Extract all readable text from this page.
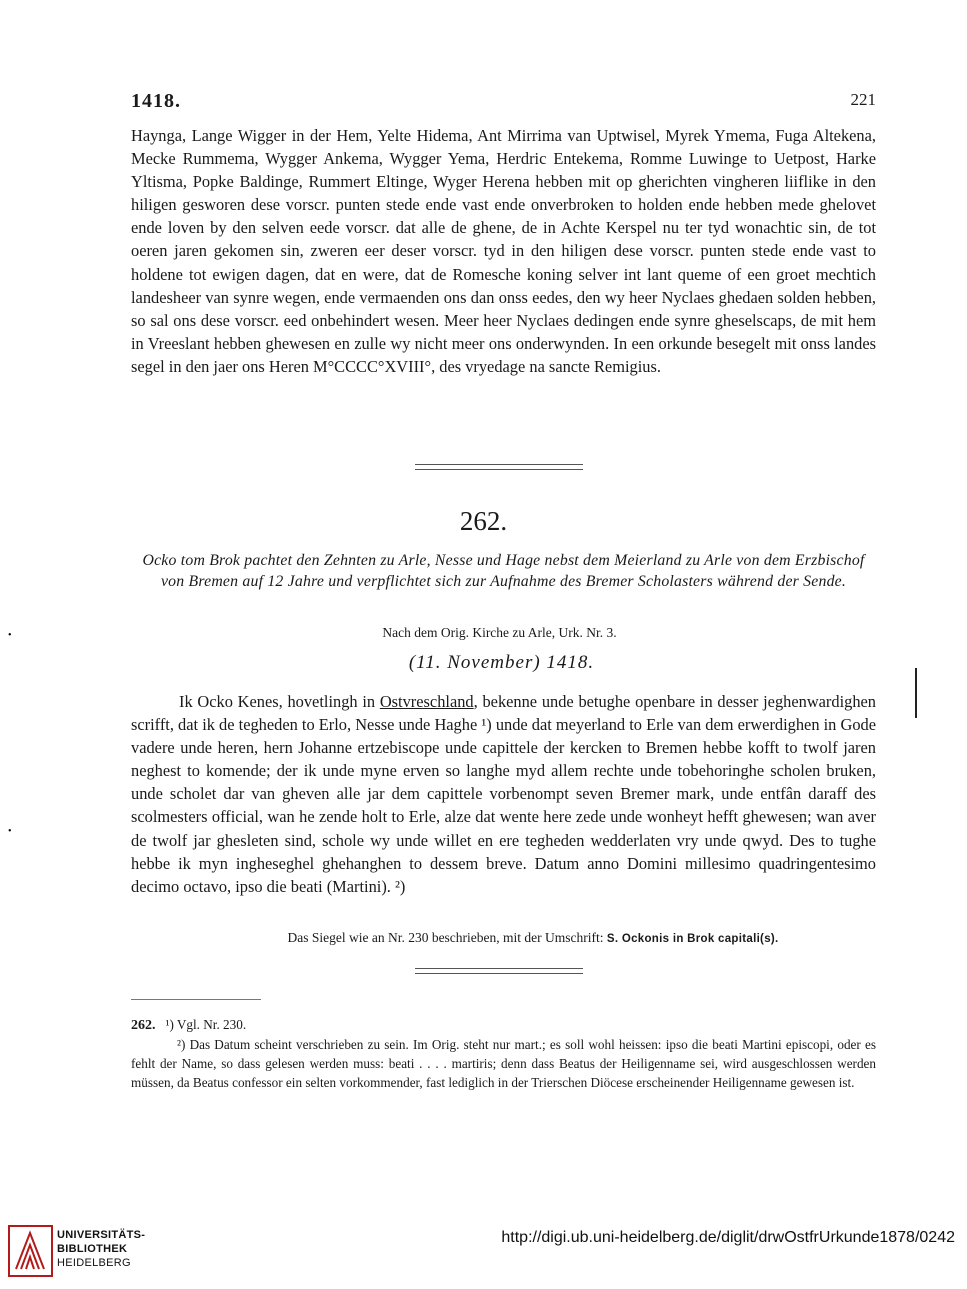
1418.	221

Haynga, Lange Wigger in der Hem, Yelte Hidema, Ant Mirrima van Uptwisel, Myrek Ymema, Fuga Altekena, Mecke Rummema, Wygger Ankema, Wygger Yema, Herdric Entekema, Romme Luwinge to Uetpost, Harke Yltisma, Popke Baldinge, Rummert Eltinge, Wyger Herena hebben mit op gherichten vingheren liiflike in den hiligen gesworen dese vorscr. punten stede ende vast ende onverbroken to holden ende hebben mede ghelovet ende loven by den selven eede vorscr. dat alle de ghene, de in Achte Kerspel nu ter tyd wonachtic sin, de tot oeren jaren gekomen sin, zweren eer deser vorscr. tyd in den hiligen dese vorscr. punten stede ende vast to holdene tot ewigen dagen, dat en were, dat de Romesche koning selver int lant queme of een groet mechtich landesheer van synre wegen, ende vermaenden ons dan onss eedes, den wy heer Nyclaes ghedaen solden hebben, so sal ons dese vorscr. eed onbehindert wesen. Meer heer Nyclaes dedingen ende synre gheselscaps, de mit hem in Vreeslant hebben ghewesen en zulle wy nicht meer ons onderwynden. In een orkunde besegelt mit onss landes segel in den jaer ons Heren M°CCCC°XVIII°, des vryedage na sancte Remigius.

262.

Ocko tom Brok pachtet den Zehnten zu Arle, Nesse und Hage nebst dem Meierland zu Arle von dem Erzbischof von Bremen auf 12 Jahre und verpflichtet sich zur Aufnahme des Bremer Scholasters während der Sende.

Nach dem Orig. Kirche zu Arle, Urk. Nr. 3.
(11. November) 1418.

Ik Ocko Kenes, hovetlingh in Ostvreschland, bekenne unde betughe openbare in desser jeghenwardighen scrifft, dat ik de tegheden to Erlo, Nesse unde Haghe ¹) unde dat meyerland to Erle van dem erwerdighen in Gode vadere unde heren, hern Johanne ertzebiscope unde capittele der kercken to Bremen hebbe kofft to twolf jaren neghest to komende; der ik unde myne erven so langhe myd allem rechte unde tobehoringhe scholen bruken, unde scholet dar van gheven alle jar dem capittele vorbenompt seven Bremer mark, unde entfân daraff des scolmesters official, wan he zende holt to Erle, alze dat wente here zede unde wonheyt hefft ghewesen; wan aver de twolf jar ghesleten sind, schole wy unde willet en ere tegheden wedderlaten vry unde qwyd. Des to tughe hebbe ik myn ingheseghel ghehanghen to dessem breve. Datum anno Domini millesimo quadringentesimo decimo octavo, ipso die beati (Martini). ²)

Das Siegel wie an Nr. 230 beschrieben, mit der Umschrift: S. Ockonis in Brok capitali(s).
262. ¹) Vgl. Nr. 230.

²) Das Datum scheint verschrieben zu sein. Im Orig. steht nur mart.; es soll wohl heissen: ipso die beati Martini episcopi, oder es fehlt der Name, so dass gelesen werden muss: beati . . . . martiris; denn dass Beatus der Heiligenname sei, wird ausgeschlossen werden müssen, da Beatus confessor ein selten vorkommender, fast lediglich in der Trierschen Diöcese erscheinender Heiligenname gewesen ist.

•
•
UNIVERSITÄTS-
BIBLIOTHEK
HEIDELBERG
http://digi.ub.uni-heidelberg.de/diglit/drwOstfrUrkunde1878/0242
